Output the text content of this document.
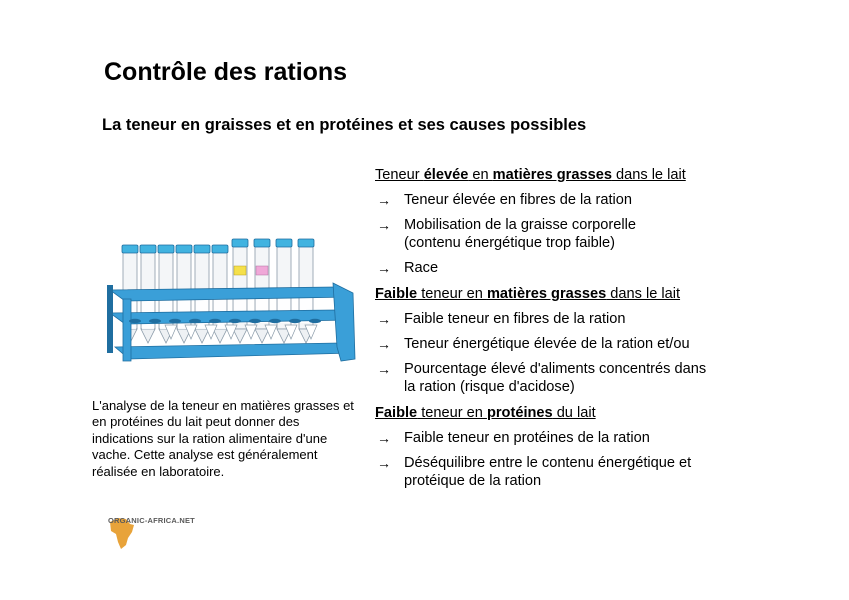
Contrôle des rations
La teneur en graisses et en protéines et ses causes possibles
L'analyse de la teneur en matières grasses et en protéines du lait peut donner des indications sur la ration alimentaire d'une vache. Cette analyse est généralement réalisée en laboratoire.
ORGANIC-AFRICA.NET
Teneur élevée en matières grasses dans le lait
→ Teneur élevée en fibres de la ration
→ Mobilisation de la graisse corporelle
(contenu énergétique trop faible)
→ Race
Faible teneur en matières grasses dans le lait
→ Faible teneur en fibres de la ration
→ Teneur énergétique élevée de la ration et/ou
→ Pourcentage élevé d'aliments concentrés dans
la ration (risque d'acidose)
Faible teneur en protéines du lait
→ Faible teneur en protéines de la ration
→ Déséquilibre entre le contenu énergétique et
protéique de la ration
